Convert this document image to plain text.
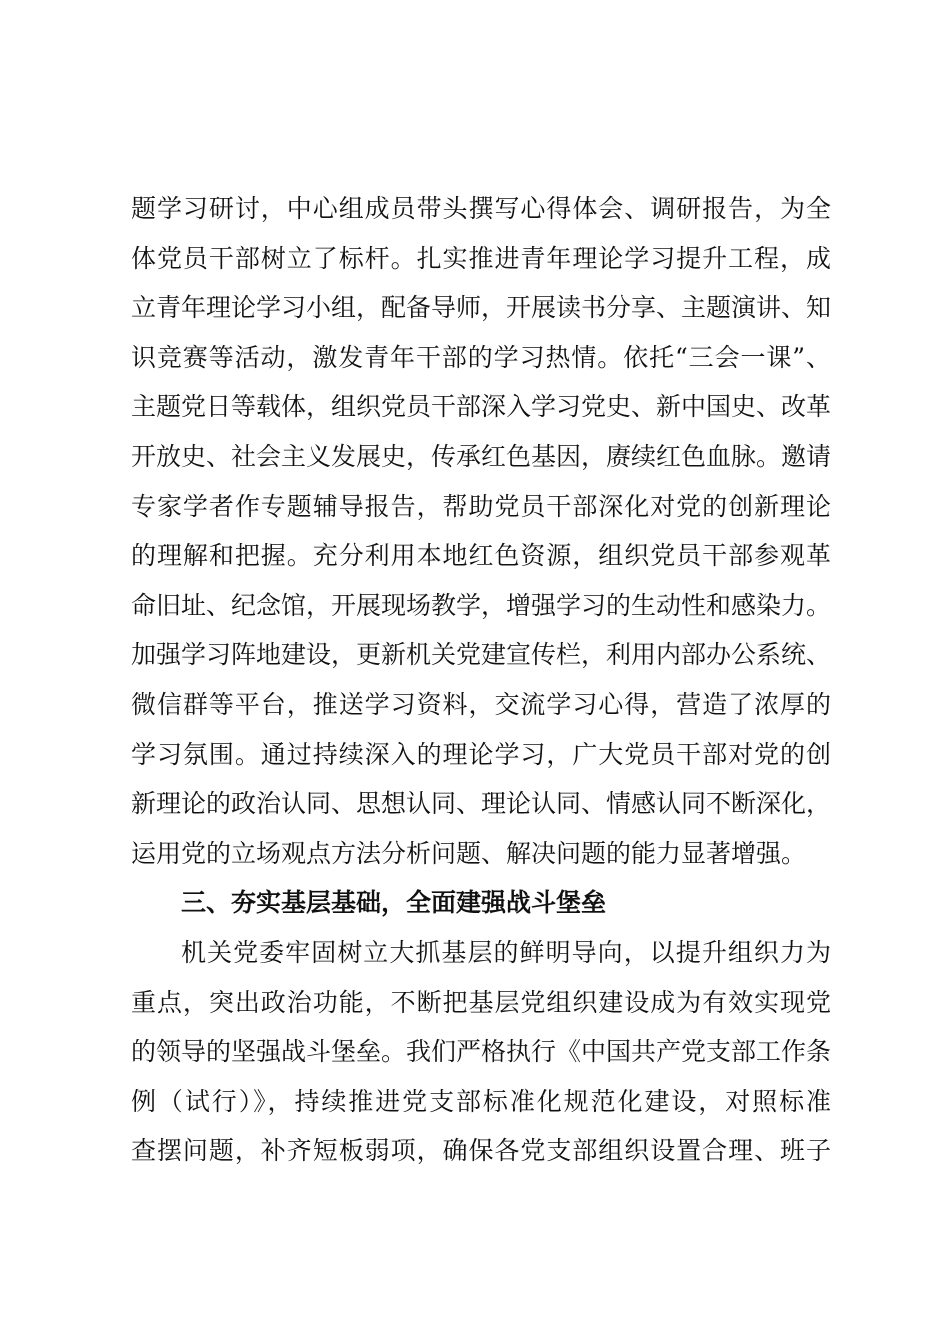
题学习研讨，中心组成员带头撰写心得体会、调研报告，为全
体党员干部树立了标杆。扎实推进青年理论学习提升工程，成
立青年理论学习小组，配备导师，开展读书分享、主题演讲、知
识竞赛等活动，激发青年干部的学习热情。依托“三会一课”、
主题党日等载体，组织党员干部深入学习党史、新中国史、改革
开放史、社会主义发展史，传承红色基因，赓续红色血脉。邀请
专家学者作专题辅导报告，帮助党员干部深化对党的创新理论
的理解和把握。充分利用本地红色资源，组织党员干部参观革
命旧址、纪念馆，开展现场教学，增强学习的生动性和感染力。
加强学习阵地建设，更新机关党建宣传栏，利用内部办公系统、
微信群等平台，推送学习资料，交流学习心得，营造了浓厚的
学习氛围。通过持续深入的理论学习，广大党员干部对党的创
新理论的政治认同、思想认同、理论认同、情感认同不断深化，
运用党的立场观点方法分析问题、解决问题的能力显著增强。
三、夯实基层基础，全面建强战斗堡垒
机关党委牢固树立大抓基层的鲜明导向，以提升组织力为
重点，突出政治功能，不断把基层党组织建设成为有效实现党
的领导的坚强战斗堡垒。我们严格执行《中国共产党支部工作条
例（试行）》，持续推进党支部标准化规范化建设，对照标准
查摆问题，补齐短板弱项，确保各党支部组织设置合理、班子
